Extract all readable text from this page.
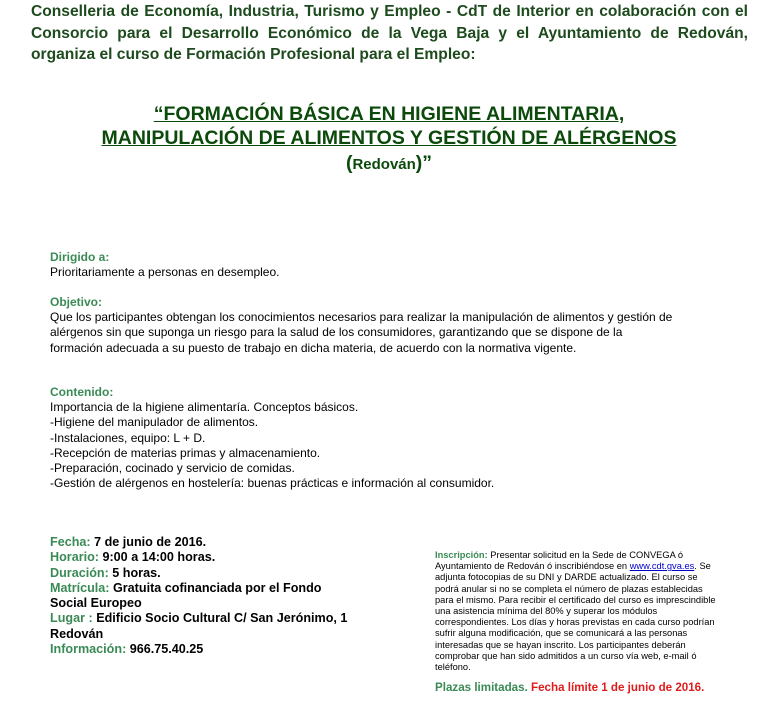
Conselleria de Economía, Industria, Turismo y Empleo - CdT de Interior en colaboración con el Consorcio para el Desarrollo Económico de la Vega Baja y el Ayuntamiento de Redován, organiza el curso de Formación Profesional para el Empleo:

“FORMACIÓN BÁSICA EN HIGIENE ALIMENTARIA,
MANIPULACIÓN DE ALIMENTOS Y GESTIÓN DE ALÉRGENOS
(Redován)”
Dirigido a:
Prioritariamente a personas en desempleo.
Objetivo:
Que los participantes obtengan los conocimientos necesarios para realizar la manipulación de alimentos y gestión de
alérgenos sin que suponga un riesgo para la salud de los consumidores, garantizando que se dispone de la
formación adecuada a su puesto de trabajo en dicha materia, de acuerdo con la normativa vigente.
Contenido:
Importancia de la higiene alimentaría. Conceptos básicos.
-Higiene del manipulador de alimentos.
-Instalaciones, equipo: L + D.
-Recepción de materias primas y almacenamiento.
-Preparación, cocinado y servicio de comidas.
-Gestión de alérgenos en hostelería: buenas prácticas e información al consumidor.
Fecha: 7 de junio de 2016.
Horario: 9:00 a 14:00 horas.
Duración: 5 horas.
Matrícula: Gratuita cofinanciada por el Fondo
Social Europeo
Lugar : Edificio Socio Cultural C/ San Jerónimo, 1
Redován
Información: 966.75.40.25
Inscripción: Presentar solicitud en la Sede de CONVEGA ó
Ayuntamiento de Redován ó inscribiéndose en www.cdt.gva.es. Se
adjunta fotocopias de su DNI y DARDE actualizado. El curso se
podrá anular si no se completa el número de plazas establecidas
para el mismo. Para recibir el certificado del curso es imprescindible
una asistencia mínima del 80% y superar los módulos
correspondientes. Los días y horas previstas en cada curso podrían
sufrir alguna modificación, que se comunicará a las personas
interesadas que se hayan inscrito. Los participantes deberán
comprobar que han sido admitidos a un curso vía web, e-mail ó
teléfono.
Plazas limitadas. Fecha límite 1 de junio de 2016.
